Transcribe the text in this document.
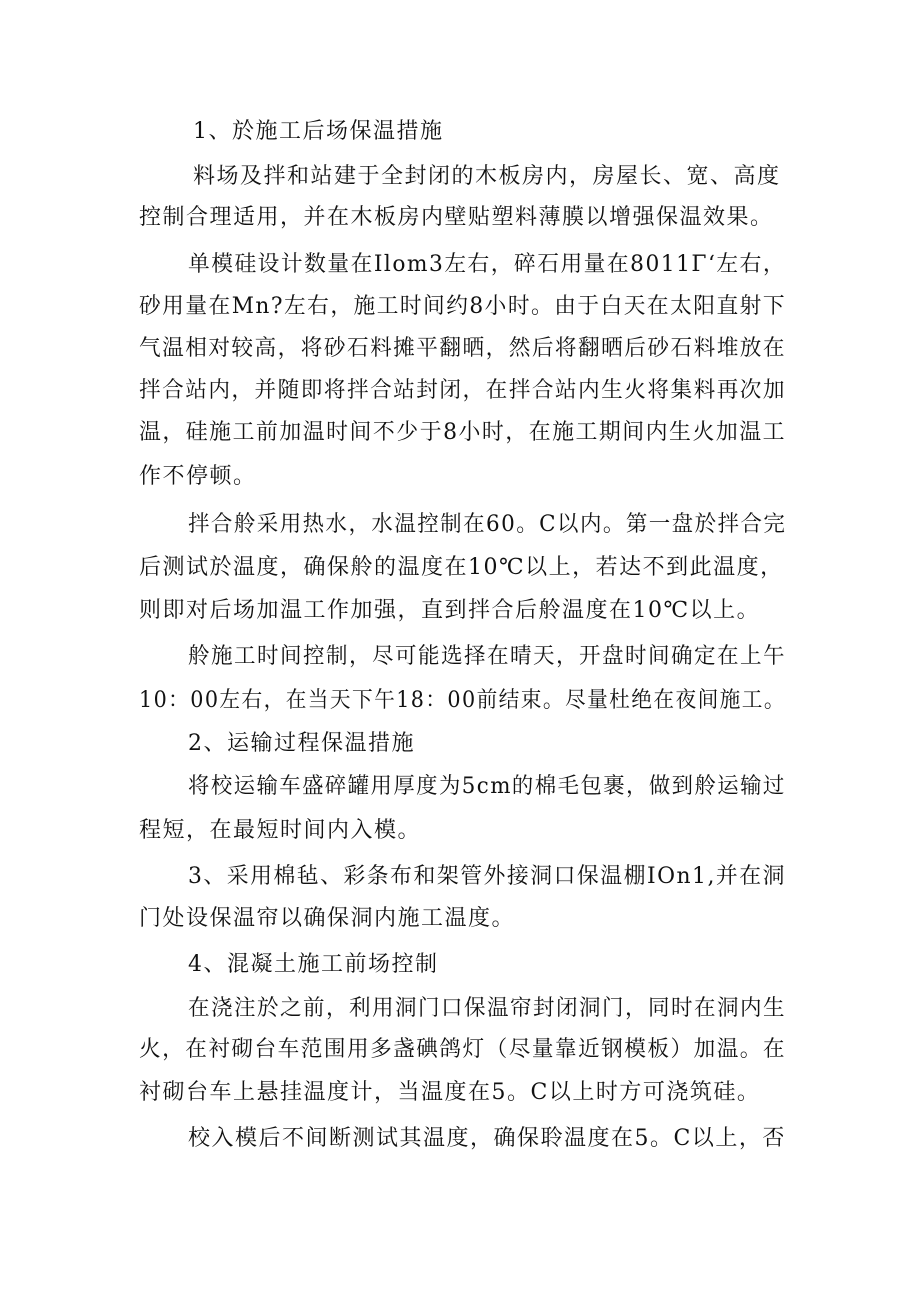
1、於施工后场保温措施
料场及拌和站建于全封闭的木板房内，房屋长、宽、高度
控制合理适用，并在木板房内壁贴塑料薄膜以增强保温效果。
单模硅设计数量在Ilom3左右，碎石用量在8011Γ‘左右，
砂用量在Mn?左右，施工时间约8小时。由于白天在太阳直射下
气温相对较高，将砂石料摊平翻晒，然后将翻晒后砂石料堆放在
拌合站内，并随即将拌合站封闭，在拌合站内生火将集料再次加
温，硅施工前加温时间不少于8小时，在施工期间内生火加温工
作不停顿。
拌合舲采用热水，水温控制在60。C以内。第一盘於拌合完
后测试於温度，确保舲的温度在10℃以上，若达不到此温度，
则即对后场加温工作加强，直到拌合后舲温度在10℃以上。
舲施工时间控制，尽可能选择在晴天，开盘时间确定在上午
10：00左右，在当天下午18：00前结束。尽量杜绝在夜间施工。
2、运输过程保温措施
将校运输车盛碎罐用厚度为5cm的棉毛包裹，做到舲运输过
程短，在最短时间内入模。
3、采用棉毡、彩条布和架管外接洞口保温棚IOn1,并在洞
门处设保温帘以确保洞内施工温度。
4、混凝土施工前场控制
在浇注於之前，利用洞门口保温帘封闭洞门，同时在洞内生
火，在衬砌台车范围用多盏碘鸽灯（尽量靠近钢模板）加温。在
衬砌台车上悬挂温度计，当温度在5。C以上时方可浇筑硅。
校入模后不间断测试其温度，确保聆温度在5。C以上，否
